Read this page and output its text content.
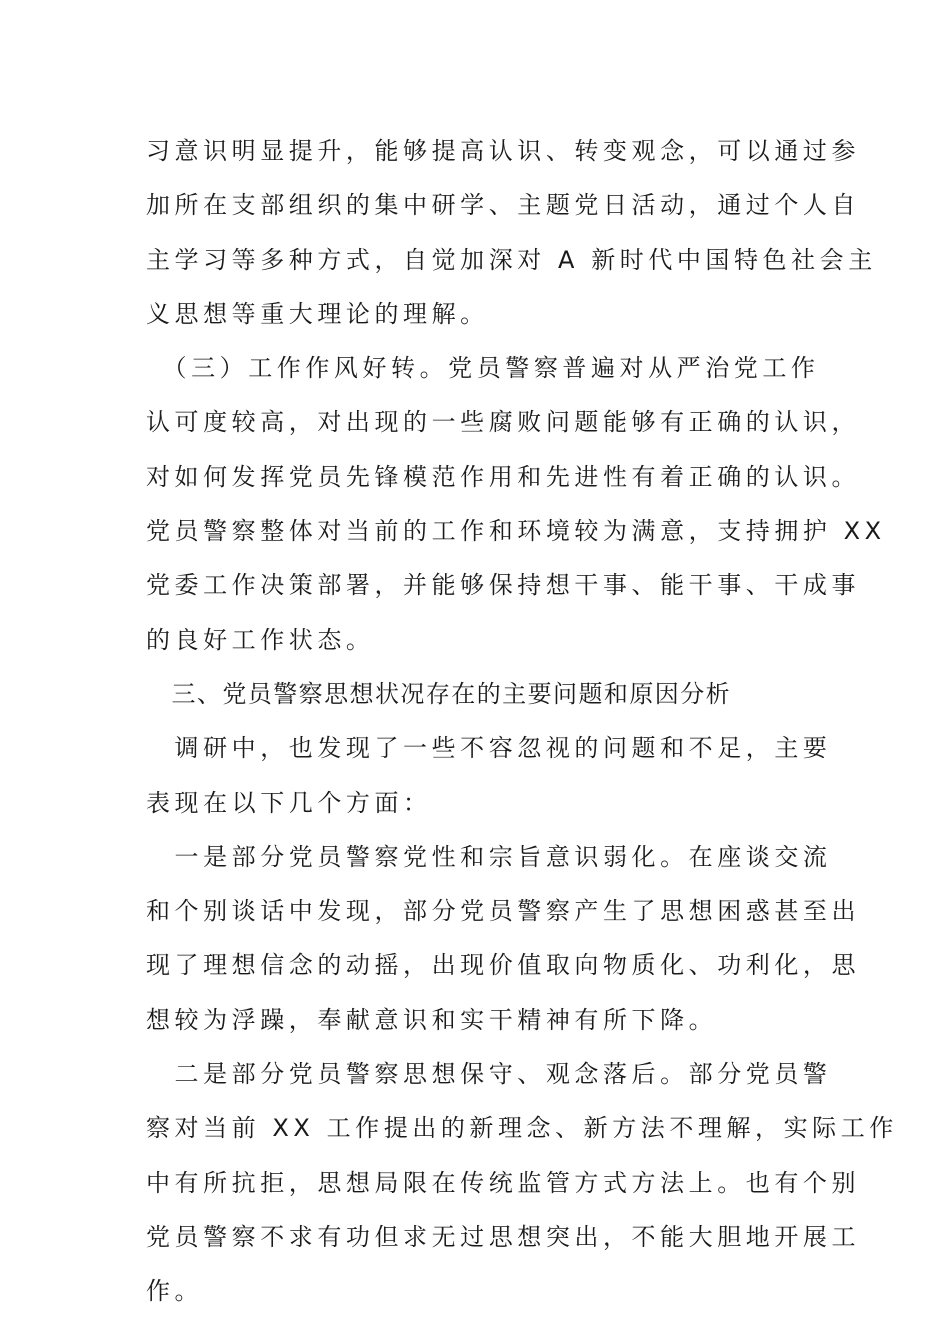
习意识明显提升，能够提高认识、转变观念，可以通过参
加所在支部组织的集中研学、主题党日活动，通过个人自
主学习等多种方式，自觉加深对 A 新时代中国特色社会主
义思想等重大理论的理解。
　（三）工作作风好转。党员警察普遍对从严治党工作
认可度较高，对出现的一些腐败问题能够有正确的认识，
对如何发挥党员先锋模范作用和先进性有着正确的认识。
党员警察整体对当前的工作和环境较为满意，支持拥护 XX
党委工作决策部署，并能够保持想干事、能干事、干成事
的良好工作状态。
　三、党员警察思想状况存在的主要问题和原因分析
　调研中，也发现了一些不容忽视的问题和不足，主要
表现在以下几个方面：
　一是部分党员警察党性和宗旨意识弱化。在座谈交流
和个别谈话中发现，部分党员警察产生了思想困惑甚至出
现了理想信念的动摇，出现价值取向物质化、功利化，思
想较为浮躁，奉献意识和实干精神有所下降。
　二是部分党员警察思想保守、观念落后。部分党员警
察对当前 XX 工作提出的新理念、新方法不理解，实际工作
中有所抗拒，思想局限在传统监管方式方法上。也有个别
党员警察不求有功但求无过思想突出，不能大胆地开展工
作。
